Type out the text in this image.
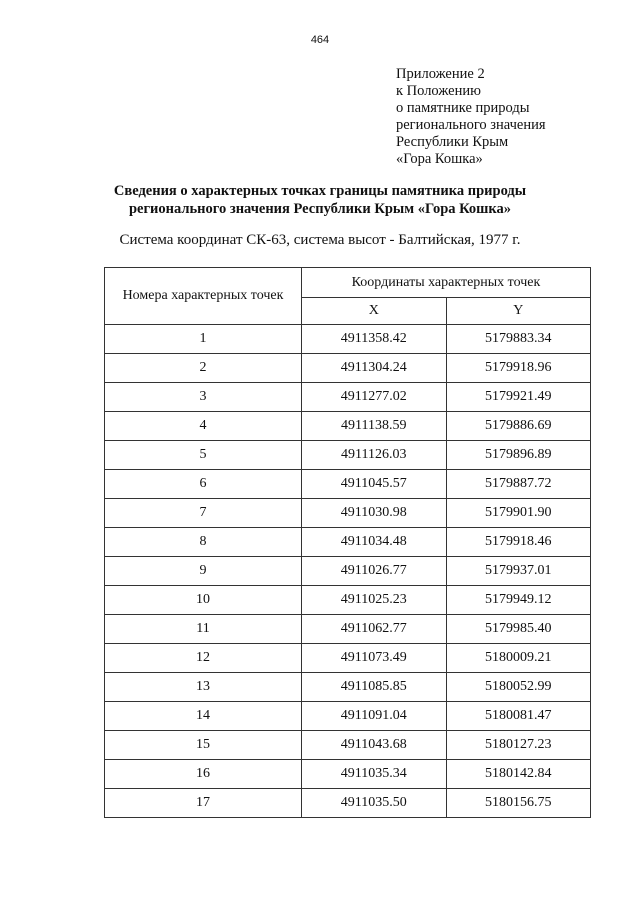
464
Приложение 2
к Положению
о памятнике природы
регионального значения
Республики Крым
«Гора Кошка»
Сведения о характерных точках границы памятника природы
регионального значения Республики Крым «Гора Кошка»
Система координат СК-63, система высот - Балтийская, 1977 г.
Номера характерных точек	Координаты характерных точек	
	X	Y
1	4911358.42	5179883.34
2	4911304.24	5179918.96
3	4911277.02	5179921.49
4	4911138.59	5179886.69
5	4911126.03	5179896.89
6	4911045.57	5179887.72
7	4911030.98	5179901.90
8	4911034.48	5179918.46
9	4911026.77	5179937.01
10	4911025.23	5179949.12
11	4911062.77	5179985.40
12	4911073.49	5180009.21
13	4911085.85	5180052.99
14	4911091.04	5180081.47
15	4911043.68	5180127.23
16	4911035.34	5180142.84
17	4911035.50	5180156.75
